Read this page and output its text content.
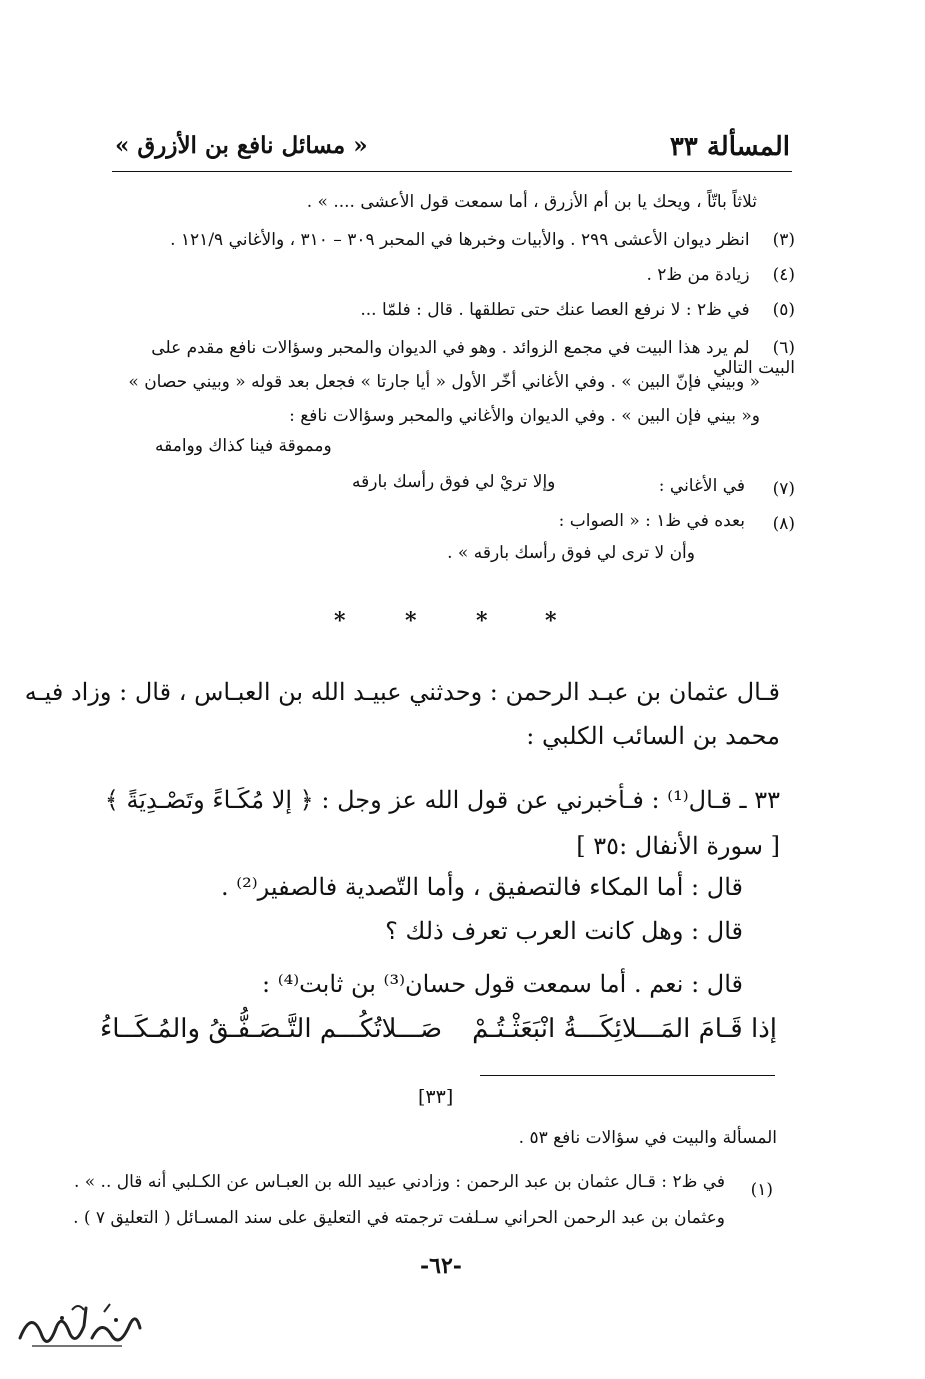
المسألة ٣٣
« مسائل نافع بن الأزرق »
ثلاثاً باتّاً ، ويحك يا بن أم الأزرق ، أما سمعت قول الأعشى .... » .
(٣) انظر ديوان الأعشى ٢٩٩ . والأبيات وخبرها في المحبر ٣٠٩ – ٣١٠ ، والأغاني ١٢١/٩ .
(٤) زيادة من ظ٢ .
(٥) في ظ٢ : لا نرفع العصا عنك حتى تطلقها . قال : فلمّا ...
(٦) لم يرد هذا البيت في مجمع الزوائد . وهو في الديوان والمحبر وسؤالات نافع مقدم على البيت التالي
« وبيني فإنّ البين » . وفي الأغاني أخّر الأول « أيا جارتا » فجعل بعد قوله « وبيني حصان »
و« بيني فإن البين » . وفي الديوان والأغاني والمحبر وسؤالات نافع :
ومموقة فينا كذاك ووامقه
(٧)
في الأغاني :
وإلا تريْ لي فوق رأسك بارقه
(٨)
بعده في ظ١ : « الصواب :
وأن لا ترى لي فوق رأسك بارقه » .
*	*	*	*
قـال عثمان بن عبـد الرحمن : وحدثني عبيـد الله بن العبـاس ، قال : وزاد فيـه
محمد بن السائب الكلبي :
٣٣ ـ قـال⁽¹⁾ : فـأخبرني عن قول الله عز وجل : ﴿ إلا مُكَـاءً وتَصْـدِيَةً ﴾
[ سورة الأنفال :٣٥ ]
قال : أما المكاء فالتصفيق ، وأما التّصدية فالصفير⁽²⁾ .
قال : وهل كانت العرب تعرف ذلك ؟
قال : نعم . أما سمعت قول حسان⁽³⁾ بن ثابت⁽⁴⁾ :
إذا قَـامَ المَـــلائِكَـــةُ انْبَعَثْـتُـمْ
صَـــلاتُكُـــم التَّـصَـفُّـقُ والمُـكَــاءُ
[٣٣]
المسألة والبيت في سؤالات نافع ٥٣ .
(١)
في ظ٢ : قـال عثمان بن عبد الرحمن : وزادني عبيد الله بن العبـاس عن الكـلبي أنه قال .. » .
وعثمان بن عبد الرحمن الحراني سـلفت ترجمته في التعليق على سند المسـائل ( التعليق ٧ ) .
-٦٢-
